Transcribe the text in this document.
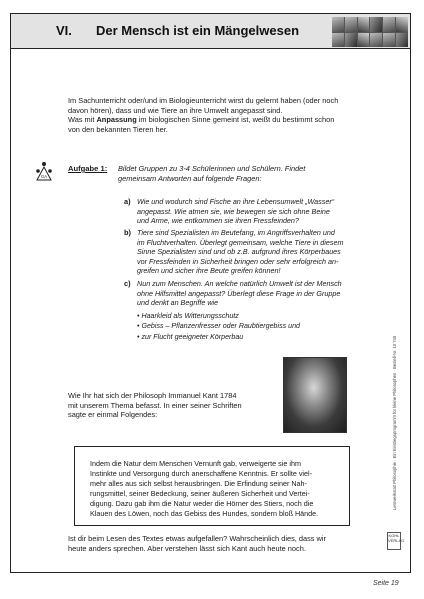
VI. Der Mensch ist ein Mängelwesen
Im Sachunterricht oder/und im Biologieunterricht wirst du gelernt haben (oder noch
davon hören), dass und wie Tiere an ihre Umwelt angepasst sind.
Was mit Anpassung im biologischen Sinne gemeint ist, weißt du bestimmt schon
von den bekannten Tieren her.
GA
Aufgabe 1: Bildet Gruppen zu 3-4 Schülerinnen und Schülern. Findet
gemeinsam Antworten auf folgende Fragen:
a) Wie und wodurch sind Fische an ihre Lebensumwelt „Wasser“
angepasst. Wie atmen sie, wie bewegen sie sich ohne Beine
und Arme, wie entkommen sie ihren Fressfeinden?
b) Tiere sind Spezialisten im Beutefang, im Angriffsverhalten und
im Fluchtverhalten. Überlegt gemeinsam, welche Tiere in diesem
Sinne Spezialisten sind und ob z.B. aufgrund ihres Körperbaues
vor Fressfeinden in Sicherheit bringen oder sehr erfolgreich an-
greifen und sicher ihre Beute greifen können!
c) Nun zum Menschen. An welche natürlich Umwelt ist der Mensch
ohne Hilfsmittel angepasst? Überlegt diese Frage in der Gruppe
und denkt an Begriffe wie
• Haarkleid als Witterungsschutz
• Gebiss – Pflanzenfresser oder Raubtiergebiss und
• zur Flucht geeigneter Körperbau
Wie Ihr hat sich der Philosoph Immanuel Kant 1784
mit unserem Thema befasst. In einer seiner Schriften
sagte er einmal Folgendes:
Indem die Natur dem Menschen Vernunft gab, verweigerte sie ihm
Instinkte und Versorgung durch anerschaffene Kenntnis. Er sollte viel-
mehr alles aus sich selbst herausbringen. Die Erfindung seiner Nah-
rungsmittel, seiner Bedeckung, seiner äußeren Sicherheit und Vertei-
digung. Dazu gab ihm die Natur weder die Hörner des Stiers, noch die
Klauen des Löwen, noch das Gebiss des Hundes, sondern bloß Hände.
Ist dir beim Lesen des Textes etwas aufgefallen? Wahrscheinlich dies, dass wir
heute anders sprechen. Aber verstehen lässt sich Kant auch heute noch.
Lernwerkstatt Philosophie · Ein Einstiegsprogramm für kleine Philosophen · Bestell-Nr. 10 745
KOHL VERLAG
Seite 19
